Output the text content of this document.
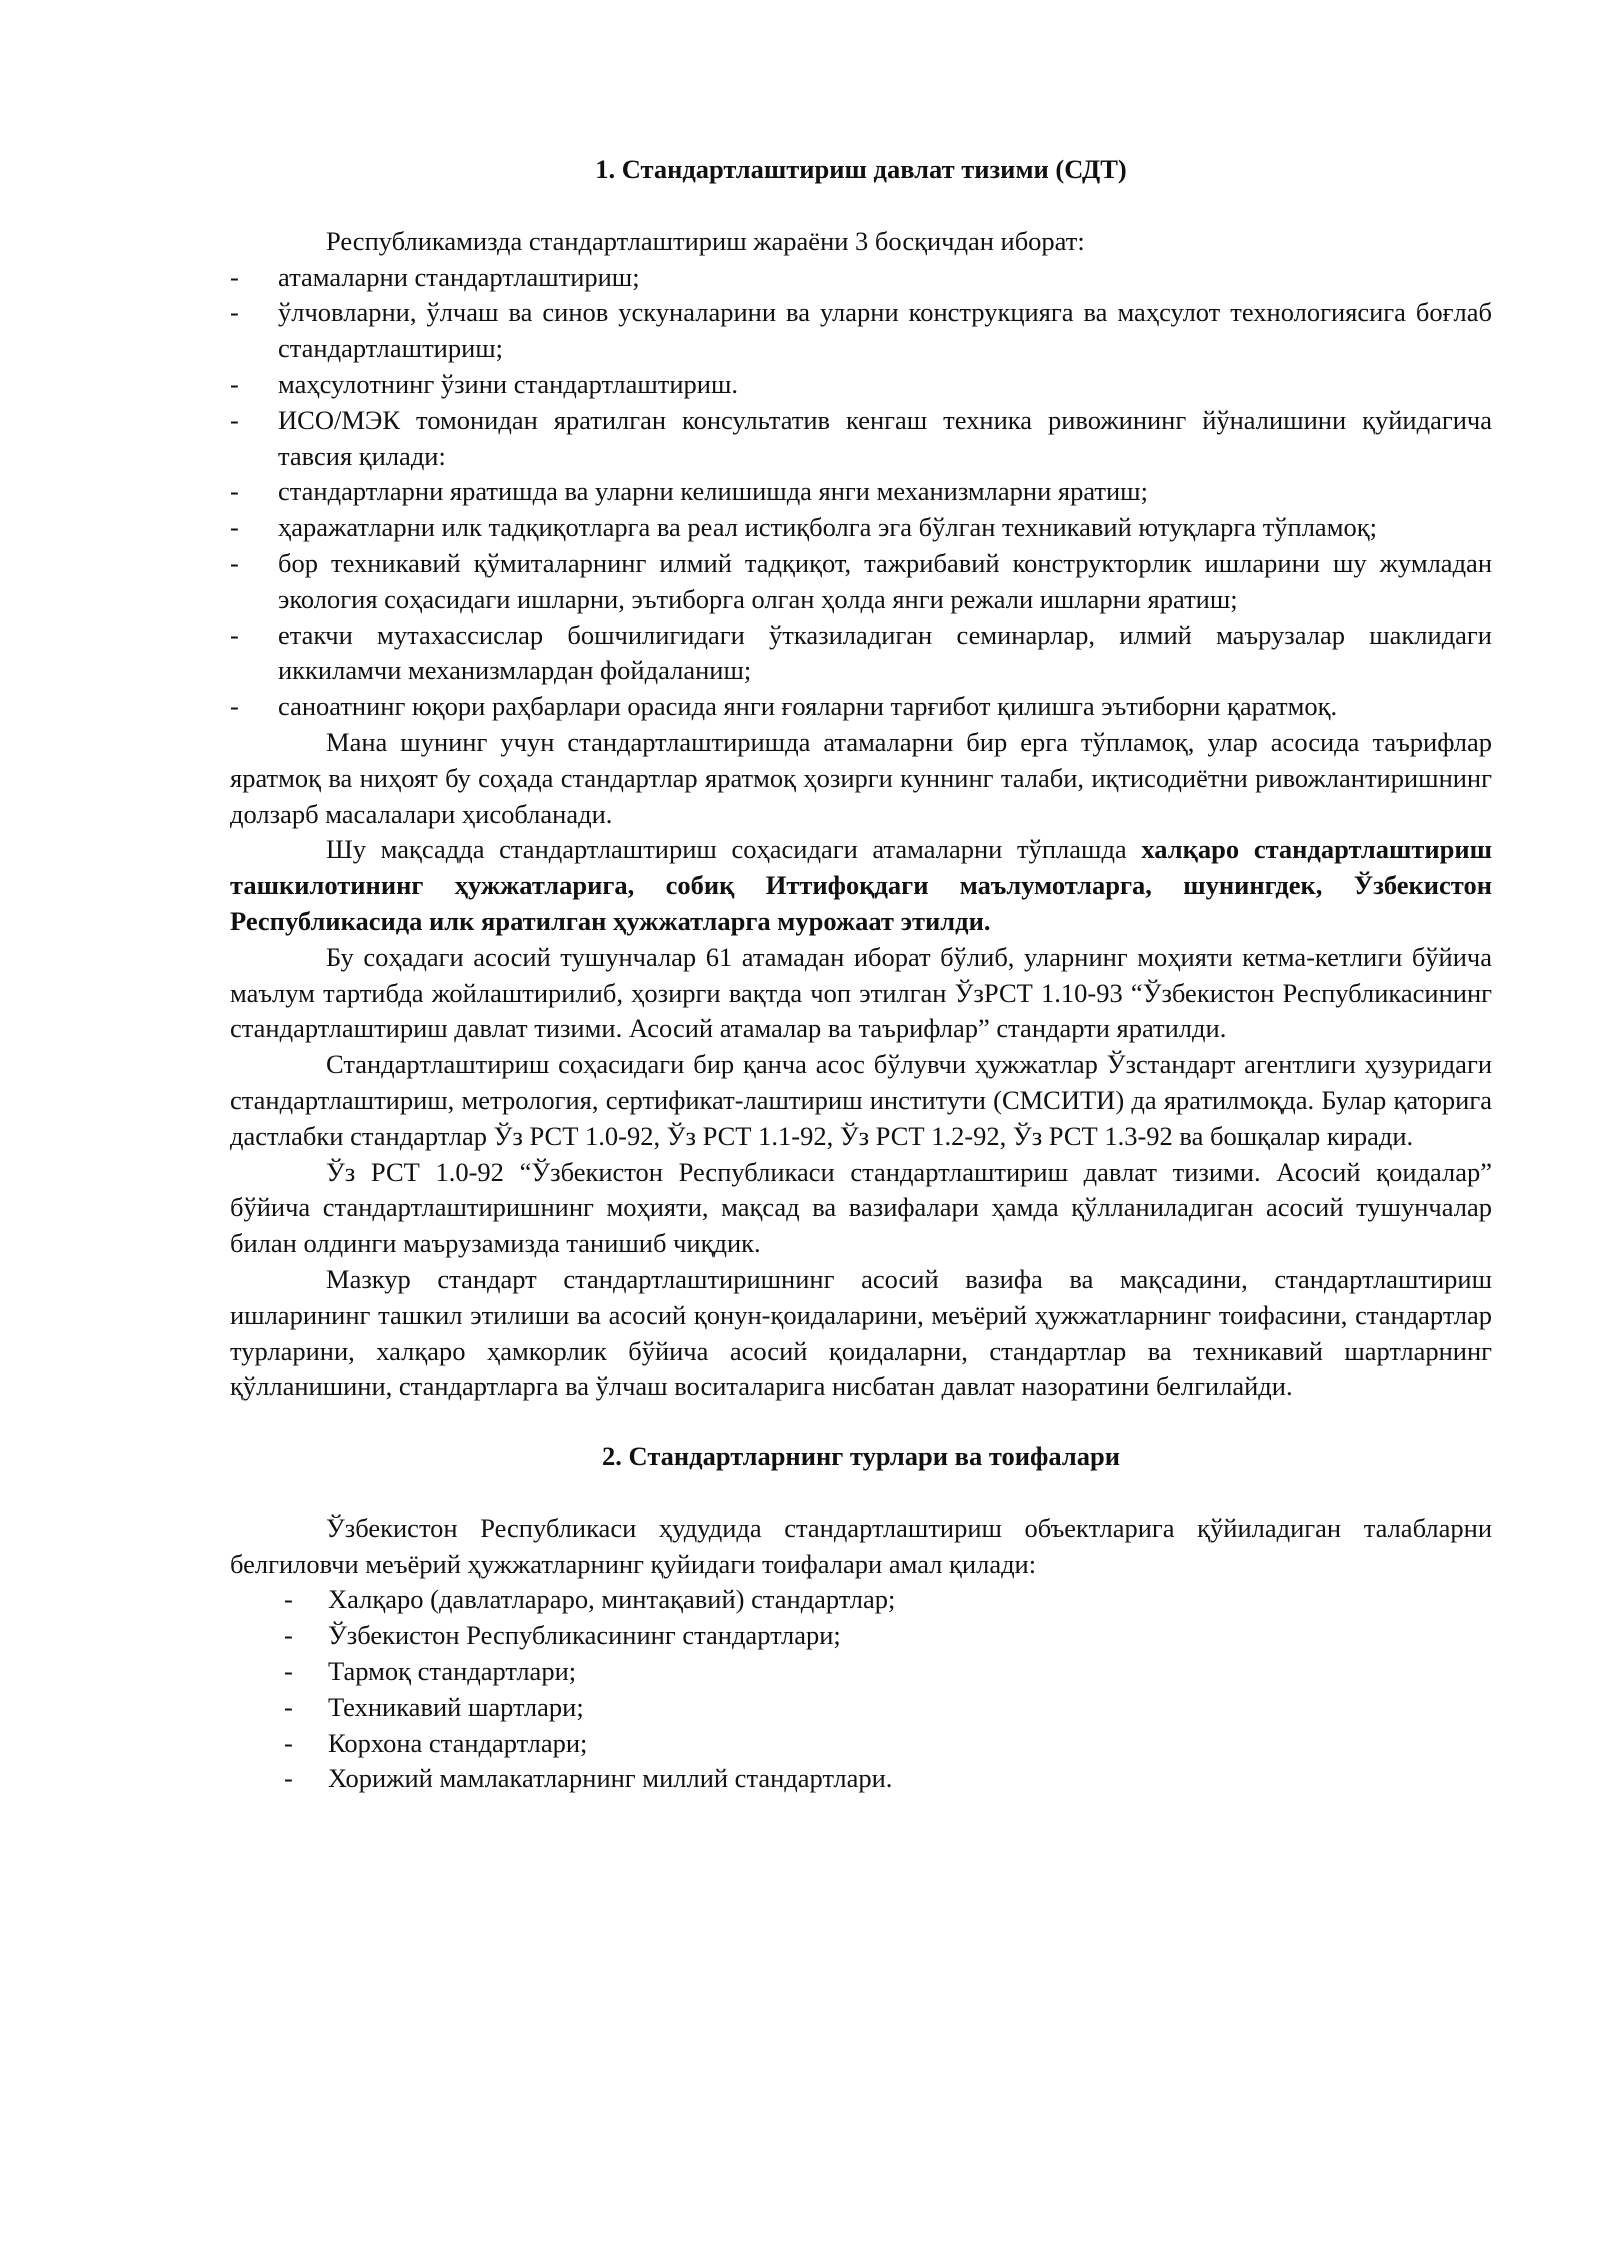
1. Стандартлаштириш давлат тизими (СДТ)

Республикамизда стандартлаштириш жараёни 3 босқичдан иборат:

- атамаларни стандартлаштириш;
- ўлчовларни, ўлчаш ва синов ускуналарини ва уларни конструкцияга ва маҳсулот технологиясига боғлаб стандартлаштириш;
- маҳсулотнинг ўзини стандартлаштириш.
- ИСО/МЭК томонидан яратилган консультатив кенгаш техника ривожининг йўналишини қуйидагича тавсия қилади:
- стандартларни яратишда ва уларни келишишда янги механизмларни яратиш;
- ҳаражатларни илк тадқиқотларга ва реал истиқболга эга бўлган техникавий ютуқларга тўпламоқ;
- бор техникавий қўмиталарнинг илмий тадқиқот, тажрибавий конструкторлик ишларини шу жумладан экология соҳасидаги ишларни, эътиборга олган ҳолда янги режали ишларни яратиш;
- етакчи мутахассислар бошчилигидаги ўтказиладиган семинарлар, илмий маърузалар шаклидаги иккиламчи механизмлардан фойдаланиш;
- саноатнинг юқори раҳбарлари орасида янги ғояларни тарғибот қилишга эътиборни қаратмоқ.

Мана шунинг учун стандартлаштиришда атамаларни бир ерга тўпламоқ, улар асосида таърифлар яратмоқ ва ниҳоят бу соҳада стандартлар яратмоқ ҳозирги куннинг талаби, иқтисодиётни ривожлантиришнинг долзарб масалалари ҳисобланади.

Шу мақсадда стандартлаштириш соҳасидаги атамаларни тўплашда халқаро стандартлаштириш ташкилотининг ҳужжатларига, собиқ Иттифоқдаги маълумотларга, шунингдек, Ўзбекистон Республикасида илк яратилган ҳужжатларга мурожаат этилди.

Бу соҳадаги асосий тушунчалар 61 атамадан иборат бўлиб, уларнинг моҳияти кетма-кетлиги бўйича маълум тартибда жойлаштирилиб, ҳозирги вақтда чоп этилган ЎзРСТ 1.10-93 “Ўзбекистон Республикасининг стандартлаштириш давлат тизими. Асосий атамалар ва таърифлар” стандарти яратилди.

Стандартлаштириш соҳасидаги бир қанча асос бўлувчи ҳужжатлар Ўзстандарт агентлиги ҳузуридаги стандартлаштириш, метрология, сертификат-лаштириш институти (СМСИТИ) да яратилмоқда. Булар қаторига дастлабки стандартлар Ўз РСТ 1.0-92, Ўз РСТ 1.1-92, Ўз РСТ 1.2-92, Ўз РСТ 1.3-92 ва бошқалар киради.

Ўз РСТ 1.0-92 “Ўзбекистон Республикаси стандартлаштириш давлат тизими. Асосий қоидалар” бўйича стандартлаштиришнинг моҳияти, мақсад ва вазифалари ҳамда қўлланиладиган асосий тушунчалар билан олдинги маърузамизда танишиб чиқдик.

Мазкур стандарт стандартлаштиришнинг асосий вазифа ва мақсадини, стандартлаштириш ишларининг ташкил этилиши ва асосий қонун-қоидаларини, меъёрий ҳужжатларнинг тоифасини, стандартлар турларини, халқаро ҳамкорлик бўйича асосий қоидаларни, стандартлар ва техникавий шартларнинг қўлланишини, стандартларга ва ўлчаш воситаларига нисбатан давлат назоратини белгилайди.

2. Стандартларнинг турлари ва тоифалари

Ўзбекистон Республикаси ҳудудида стандартлаштириш объектларига қўйиладиган талабларни белгиловчи меъёрий ҳужжатларнинг қуйидаги тоифалари амал қилади:

- Халқаро (давлатлараро, минтақавий) стандартлар;
- Ўзбекистон Республикасининг стандартлари;
- Тармоқ стандартлари;
- Техникавий шартлари;
- Корхона стандартлари;
- Хорижий мамлакатларнинг миллий стандартлари.
